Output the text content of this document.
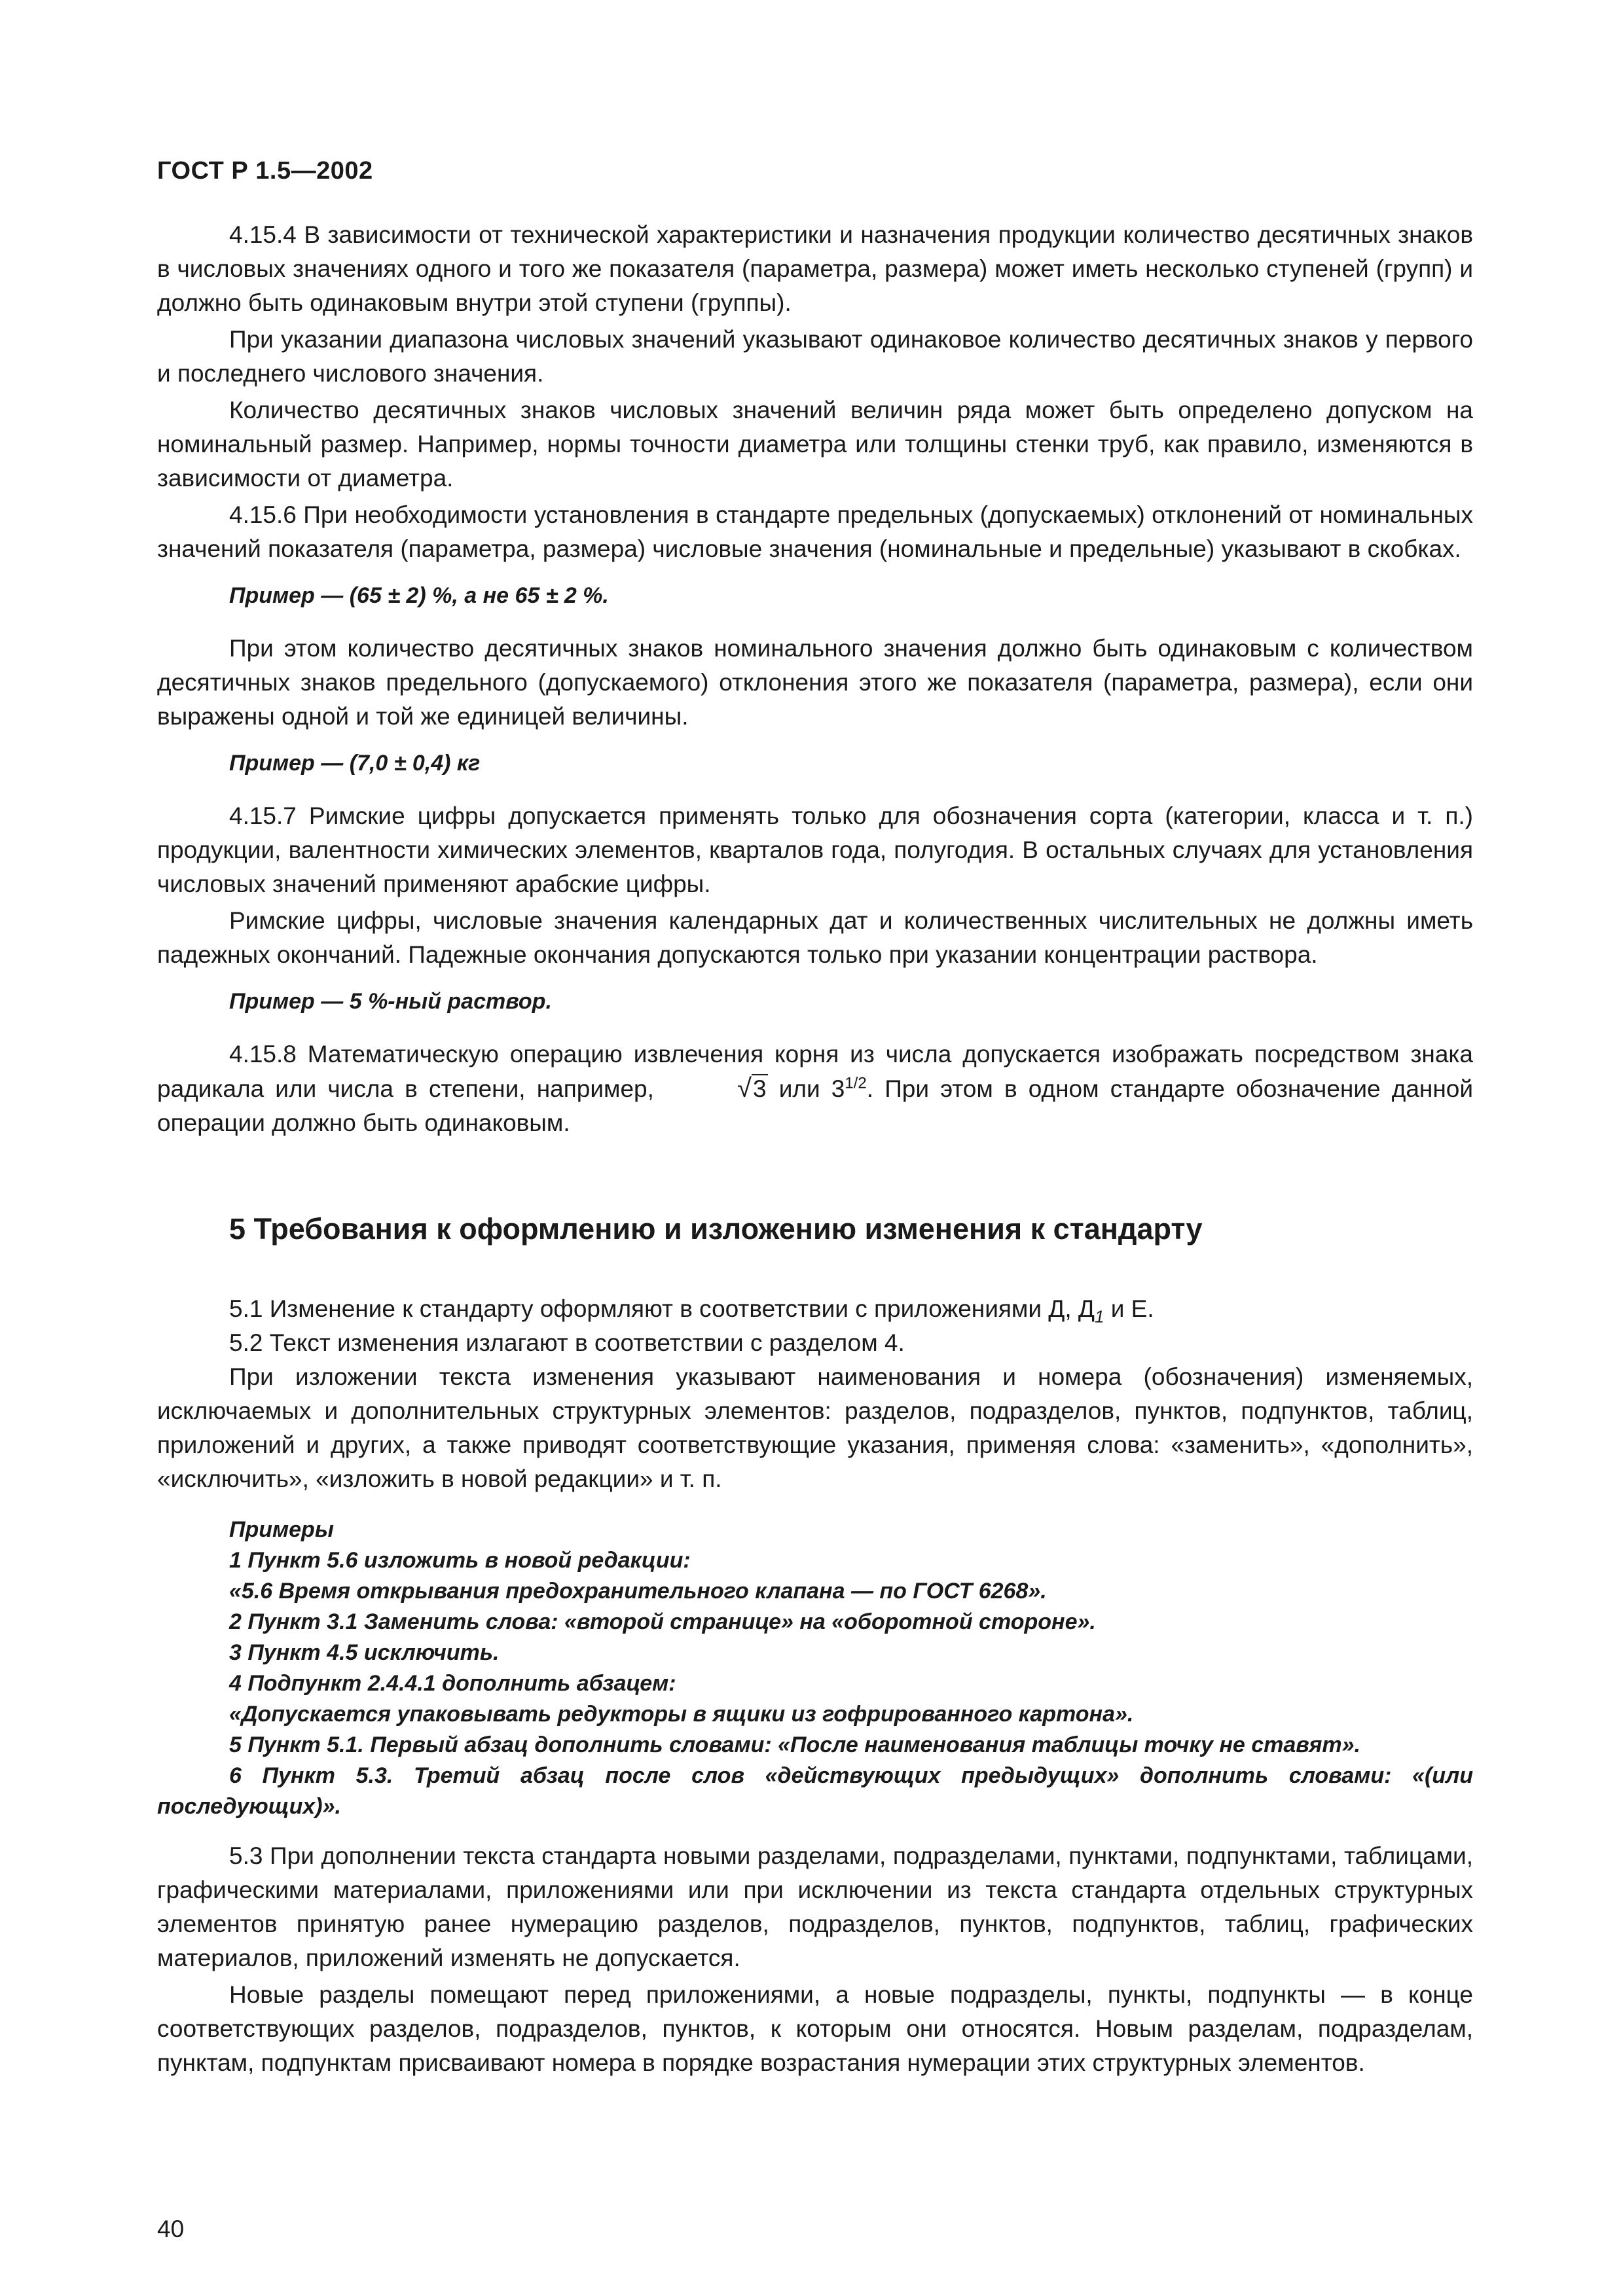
ГОСТ Р 1.5—2002

4.15.4 В зависимости от технической характеристики и назначения продукции количество десятичных знаков в числовых значениях одного и того же показателя (параметра, размера) может иметь несколько ступеней (групп) и должно быть одинаковым внутри этой ступени (группы).

При указании диапазона числовых значений указывают одинаковое количество десятичных знаков у первого и последнего числового значения.

Количество десятичных знаков числовых значений величин ряда может быть определено допуском на номинальный размер. Например, нормы точности диаметра или толщины стенки труб, как правило, изменяются в зависимости от диаметра.

4.15.6 При необходимости установления в стандарте предельных (допускаемых) отклонений от номинальных значений показателя (параметра, размера) числовые значения (номинальные и предельные) указывают в скобках.

Пример — (65 ± 2) %, а не 65 ± 2 %.

При этом количество десятичных знаков номинального значения должно быть одинаковым с количеством десятичных знаков предельного (допускаемого) отклонения этого же показателя (параметра, размера), если они выражены одной и той же единицей величины.

Пример — (7,0 ± 0,4) кг

4.15.7 Римские цифры допускается применять только для обозначения сорта (категории, класса и т. п.) продукции, валентности химических элементов, кварталов года, полугодия. В остальных случаях для установления числовых значений применяют арабские цифры.

Римские цифры, числовые значения календарных дат и количественных числительных не должны иметь падежных окончаний. Падежные окончания допускаются только при указании концентрации раствора.

Пример — 5 %-ный раствор.

4.15.8 Математическую операцию извлечения корня из числа допускается изображать посредством знака радикала или числа в степени, например,	√3 или $3^{1/2}$. При этом в одном стандарте обозначение данной операции должно быть одинаковым.

5 Требования к оформлению и изложению изменения к стандарту

5.1 Изменение к стандарту оформляют в соответствии с приложениями Д, $Д_1$ и Е.

5.2 Текст изменения излагают в соответствии с разделом 4.

При изложении текста изменения указывают наименования и номера (обозначения) изменяемых, исключаемых и дополнительных структурных элементов: разделов, подразделов, пунктов, подпунктов, таблиц, приложений и других, а также приводят соответствующие указания, применяя слова: «заменить», «дополнить», «исключить», «изложить в новой редакции» и т. п.

Примеры

1 Пункт 5.6 изложить в новой редакции:

«5.6 Время открывания предохранительного клапана — по ГОСТ 6268».

2 Пункт 3.1 Заменить слова: «второй странице» на «оборотной стороне».

3 Пункт 4.5 исключить.

4 Подпункт 2.4.4.1 дополнить абзацем:

«Допускается упаковывать редукторы в ящики из гофрированного картона».

5 Пункт 5.1. Первый абзац дополнить словами: «После наименования таблицы точку не ставят».

6 Пункт 5.3. Третий абзац после слов «действующих предыдущих» дополнить словами: «(или последующих)».

5.3 При дополнении текста стандарта новыми разделами, подразделами, пунктами, подпунктами, таблицами, графическими материалами, приложениями или при исключении из текста стандарта отдельных структурных элементов принятую ранее нумерацию разделов, подразделов, пунктов, подпунктов, таблиц, графических материалов, приложений изменять не допускается.

Новые разделы помещают перед приложениями, а новые подразделы, пункты, подпункты — в конце соответствующих разделов, подразделов, пунктов, к которым они относятся. Новым разделам, подразделам, пунктам, подпунктам присваивают номера в порядке возрастания нумерации этих структурных элементов.

40
